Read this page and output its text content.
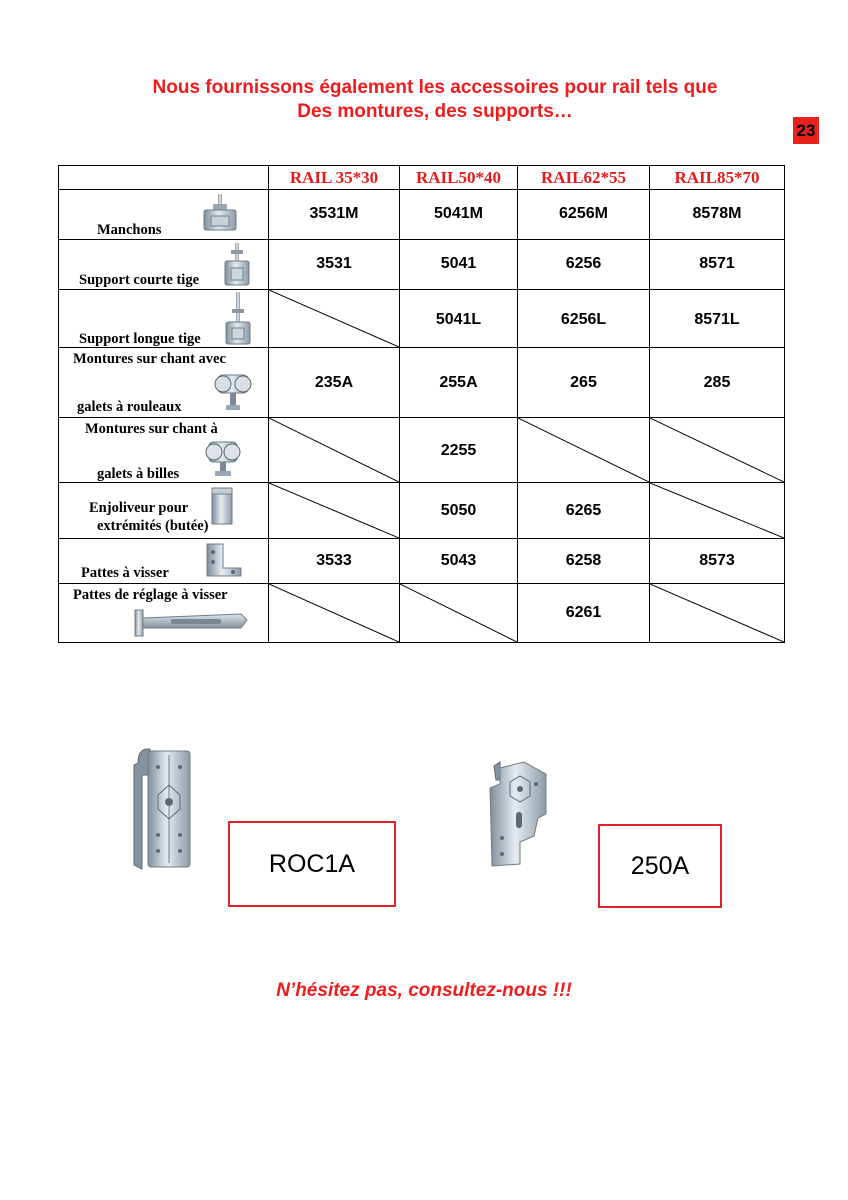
Nous fournissons également les accessoires pour rail tels que
Des montures, des supports…
23
	RAIL 35*30	RAIL50*40	RAIL62*55	RAIL85*70

Manchons	3531M	5041M	6256M	8578M

Support courte tige	3531	5041	6256	8571

Support longue tige		5041L	6256L	8571L

Montures sur chant avec
galets à rouleaux	235A	255A	265	285

Montures sur chant à
galets à billes		2255

Enjoliveur pour
extrémités (butée)		5050	6265

Pattes à visser	3533	5043	6258	8573

Pattes de réglage à visser			6261

ROC1A	250A
N’hésitez pas, consultez-nous !!!
